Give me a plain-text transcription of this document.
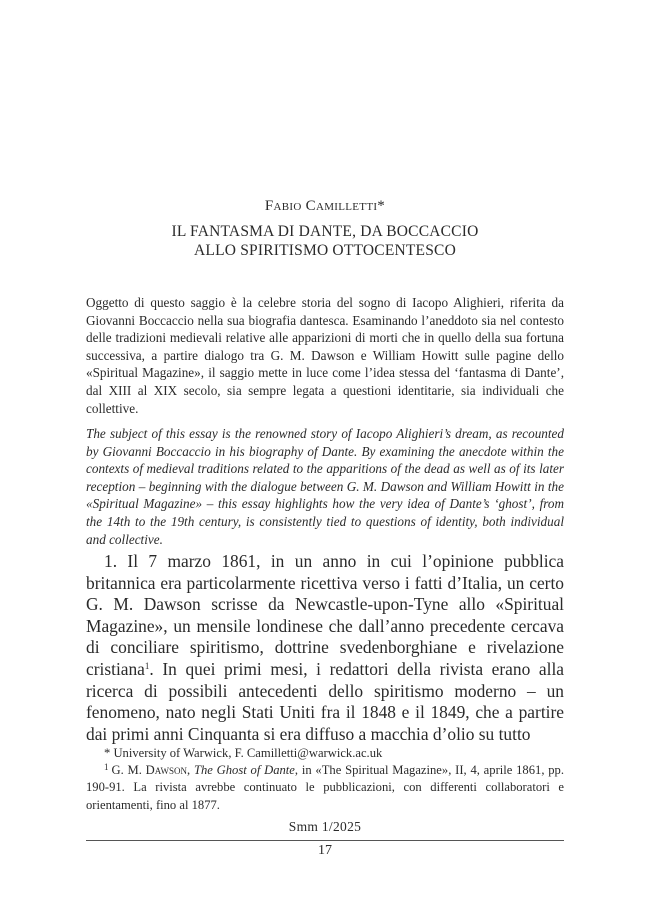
Fabio Camilletti*
IL FANTASMA DI DANTE, DA BOCCACCIO
ALLO SPIRITISMO OTTOCENTESCO

Oggetto di questo saggio è la celebre storia del sogno di Iacopo Alighieri, riferita da Giovanni Boccaccio nella sua biografia dantesca. Esaminando l’aneddoto sia nel contesto delle tradizioni medievali relative alle apparizioni di morti che in quello della sua fortuna successiva, a partire dialogo tra G. M. Dawson e William Howitt sulle pagine dello «Spiritual Magazine», il saggio mette in luce come l’idea stessa del ‘fantasma di Dante’, dal XIII al XIX secolo, sia sempre legata a questioni identitarie, sia individuali che collettive.

The subject of this essay is the renowned story of Iacopo Alighieri’s dream, as recounted by Giovanni Boccaccio in his biography of Dante. By examining the anecdote within the contexts of medieval traditions related to the apparitions of the dead as well as of its later reception – beginning with the dialogue between G. M. Dawson and William Howitt in the «Spiritual Magazine» – this essay highlights how the very idea of Dante’s ‘ghost’, from the 14th to the 19th century, is consistently tied to questions of identity, both individual and collective.

1. Il 7 marzo 1861, in un anno in cui l’opinione pubblica britannica era particolarmente ricettiva verso i fatti d’Italia, un certo G. M. Dawson scrisse da Newcastle-upon-Tyne allo «Spiritual Magazine», un mensile londinese che dall’anno precedente cercava di conciliare spiritismo, dottrine svedenborghiane e rivelazione cristiana$^1$. In quei primi mesi, i redattori della rivista erano alla ricerca di possibili antecedenti dello spiritismo moderno – un fenomeno, nato negli Stati Uniti fra il 1848 e il 1849, che a partire dai primi anni Cinquanta si era diffuso a macchia d’olio su tutto

* University of Warwick, F. Camilletti@warwick.ac.uk

$^1$ G. M. Dawson, The Ghost of Dante, in «The Spiritual Magazine», II, 4, aprile 1861, pp. 190-91. La rivista avrebbe continuato le pubblicazioni, con differenti collaboratori e orientamenti, fino al 1877.

Smm 1/2025
17
